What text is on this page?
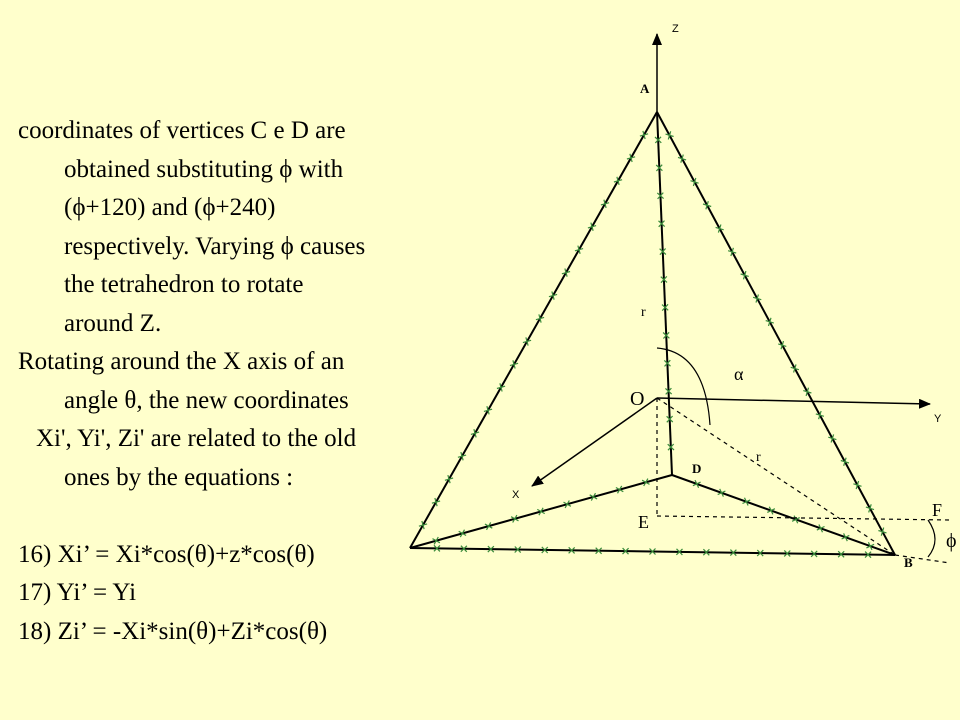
coordinates of vertices C e D are

obtained substituting ϕ with

(ϕ+120) and (ϕ+240)

respectively. Varying ϕ causes

the tetrahedron to rotate

around Z.

Rotating around the X axis of an

angle θ, the new coordinates

Xi', Yi', Zi' are related to the old

ones by the equations :

16) Xi’ = Xi*cos(θ)+z*cos(θ)

17) Yi’ = Yi

18) Zi’ = -Xi*sin(θ)+Zi*cos(θ)

Z
Y
X
A
B
D
O
E
F
r
r
α
ϕ
